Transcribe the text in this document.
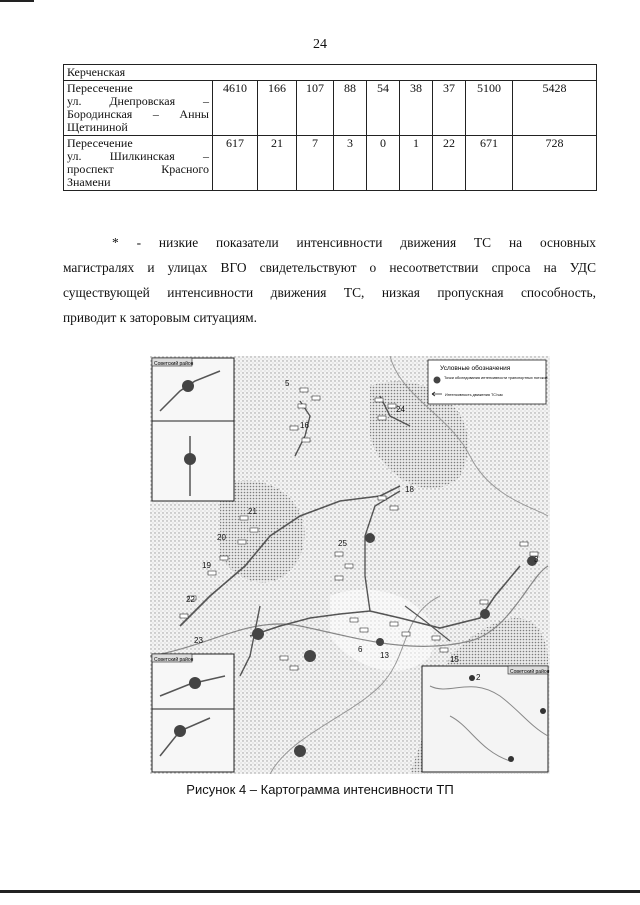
24
Керченская									

Пересечение
ул. Днепровская –
Бородинская – Анны
Щетининой	4610	166	107	88	54	38	37	5100	5428

Пересечение
ул. Шилкинская –
проспект Красного
Знамени	617	21	7	3	0	1	22	671	728
* - низкие показатели интенсивности движения ТС на основных
магистралях и улицах ВГО свидетельствуют о несоответствии спроса на УДС
существующей интенсивности движения ТС, низкая пропускная способность,
приводит к заторовым ситуациям.
Советский район
Советский район
Советский район
Условные обозначения
Точки обследования интенсивности транспортных потоков
Интенсивность движения ТС/час
5
24
16
18
21
20
25
19
22
23
6
13	15
2
3
Рисунок 4 – Картограмма интенсивности ТП
